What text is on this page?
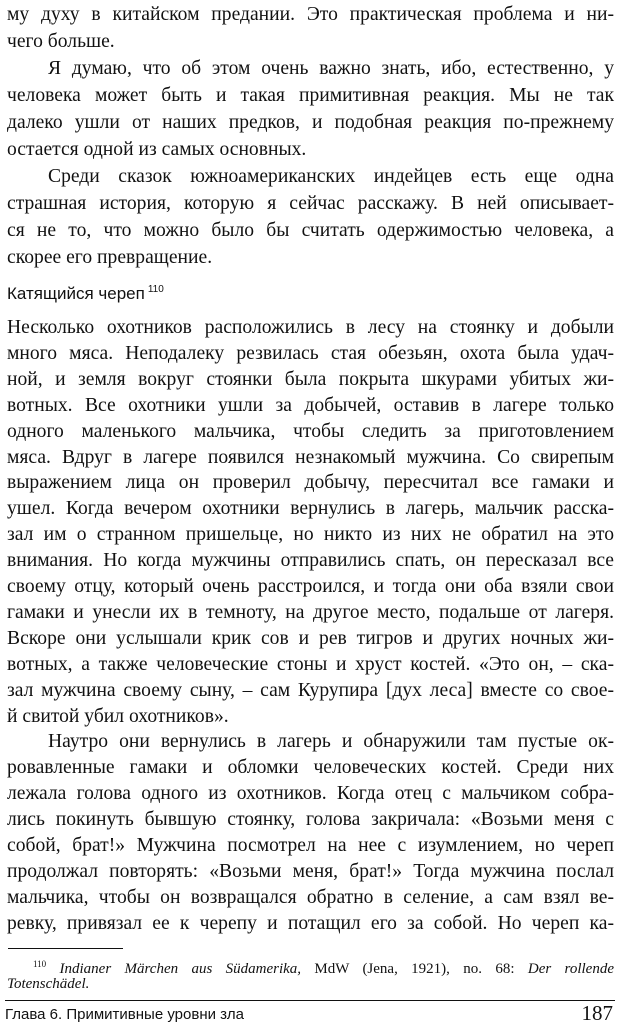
му духу в китайском предании. Это практическая проблема и ни-
чего больше.
Я думаю, что об этом очень важно знать, ибо, естественно, у
человека может быть и такая примитивная реакция. Мы не так
далеко ушли от наших предков, и подобная реакция по-прежнему
остается одной из самых основных.
Среди сказок южноамериканских индейцев есть еще одна
страшная история, которую я сейчас расскажу. В ней описывает-
ся не то, что можно было бы считать одержимостью человека, а
скорее его превращение.
Катящийся череп $^{110}$
Несколько охотников расположились в лесу на стоянку и добыли
много мяса. Неподалеку резвилась стая обезьян, охота была удач-
ной, и земля вокруг стоянки была покрыта шкурами убитых жи-
вотных. Все охотники ушли за добычей, оставив в лагере только
одного маленького мальчика, чтобы следить за приготовлением
мяса. Вдруг в лагере появился незнакомый мужчина. Со свирепым
выражением лица он проверил добычу, пересчитал все гамаки и
ушел. Когда вечером охотники вернулись в лагерь, мальчик расска-
зал им о странном пришельце, но никто из них не обратил на это
внимания. Но когда мужчины отправились спать, он пересказал все
своему отцу, который очень расстроился, и тогда они оба взяли свои
гамаки и унесли их в темноту, на другое место, подальше от лагеря.
Вскоре они услышали крик сов и рев тигров и других ночных жи-
вотных, а также человеческие стоны и хруст костей. «Это он, – ска-
зал мужчина своему сыну, – сам Курупира [дух леса] вместе со свое-
й свитой убил охотников».
Наутро они вернулись в лагерь и обнаружили там пустые ок-
ровавленные гамаки и обломки человеческих костей. Среди них
лежала голова одного из охотников. Когда отец с мальчиком собра-
лись покинуть бывшую стоянку, голова закричала: «Возьми меня с
собой, брат!» Мужчина посмотрел на нее с изумлением, но череп
продолжал повторять: «Возьми меня, брат!» Тогда мужчина послал
мальчика, чтобы он возвращался обратно в селение, а сам взял ве-
ревку, привязал ее к черепу и потащил его за собой. Но череп ка-
Глава 6. Примитивные уровни зла	187
$^{110}$ Indianer Märchen aus Südamerika, MdW (Jena, 1921), no. 68: Der rollende
Totenschädel.
